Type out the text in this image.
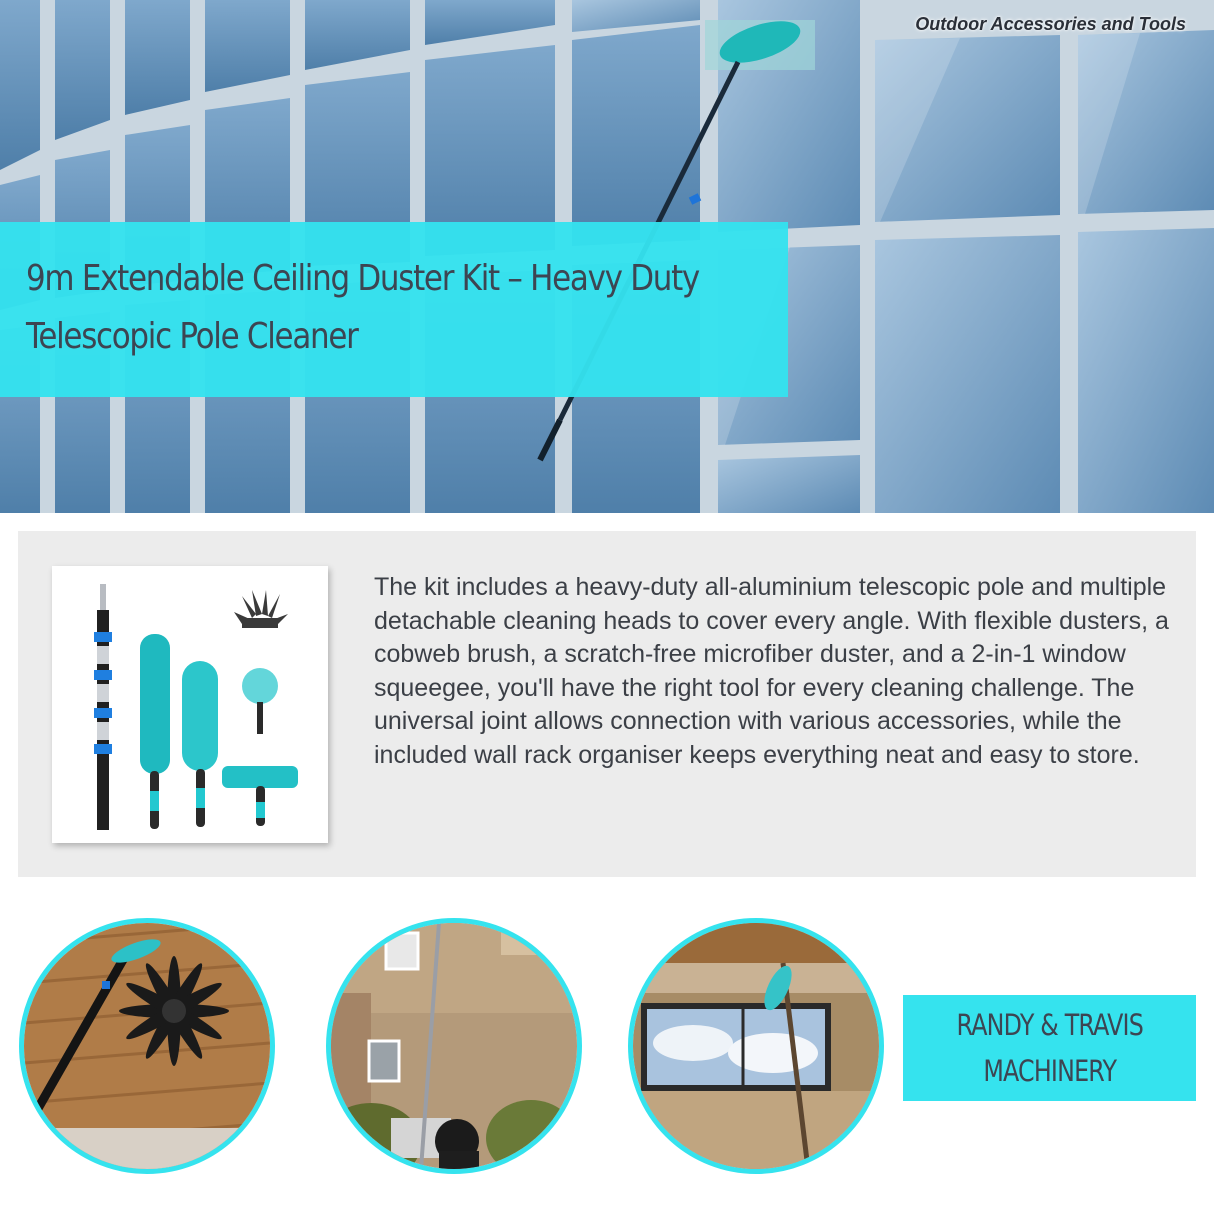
Outdoor Accessories and Tools
9m Extendable Ceiling Duster Kit – Heavy Duty Telescopic Pole Cleaner

The kit includes a heavy-duty all-aluminium telescopic pole and multiple detachable cleaning heads to cover every angle. With flexible dusters, a cobweb brush, a scratch-free microfiber duster, and a 2-in-1 window squeegee, you'll have the right tool for every cleaning challenge. The universal joint allows connection with various accessories, while the included wall rack organiser keeps everything neat and easy to store.

RANDY & TRAVIS
MACHINERY
